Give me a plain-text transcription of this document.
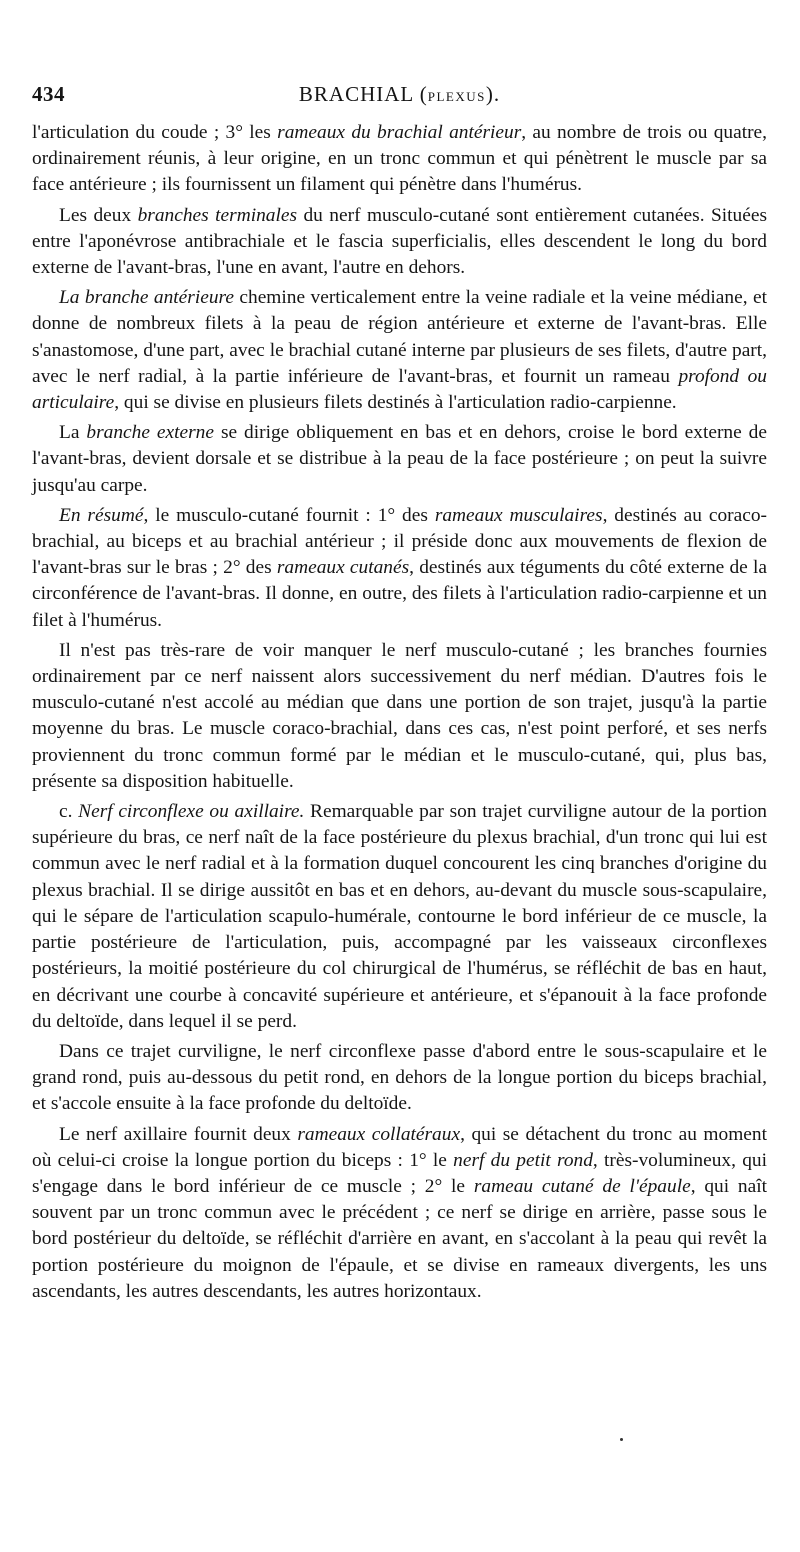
434	BRACHIAL (PLEXUS).

l'articulation du coude ; 3° les rameaux du brachial antérieur, au nombre de trois ou quatre, ordinairement réunis, à leur origine, en un tronc commun et qui pénètrent le muscle par sa face antérieure ; ils fournissent un filament qui pénètre dans l'humérus.

Les deux branches terminales du nerf musculo-cutané sont entièrement cutanées. Situées entre l'aponévrose antibrachiale et le fascia superficialis, elles descendent le long du bord externe de l'avant-bras, l'une en avant, l'autre en dehors.

La branche antérieure chemine verticalement entre la veine radiale et la veine médiane, et donne de nombreux filets à la peau de région antérieure et externe de l'avant-bras. Elle s'anastomose, d'une part, avec le brachial cutané interne par plusieurs de ses filets, d'autre part, avec le nerf radial, à la partie inférieure de l'avant-bras, et fournit un rameau profond ou articulaire, qui se divise en plusieurs filets destinés à l'articulation radio-carpienne.

La branche externe se dirige obliquement en bas et en dehors, croise le bord externe de l'avant-bras, devient dorsale et se distribue à la peau de la face postérieure ; on peut la suivre jusqu'au carpe.

En résumé, le musculo-cutané fournit : 1° des rameaux musculaires, destinés au coraco-brachial, au biceps et au brachial antérieur ; il préside donc aux mouvements de flexion de l'avant-bras sur le bras ; 2° des rameaux cutanés, destinés aux téguments du côté externe de la circonférence de l'avant-bras. Il donne, en outre, des filets à l'articulation radio-carpienne et un filet à l'humérus.

Il n'est pas très-rare de voir manquer le nerf musculo-cutané ; les branches fournies ordinairement par ce nerf naissent alors successivement du nerf médian. D'autres fois le musculo-cutané n'est accolé au médian que dans une portion de son trajet, jusqu'à la partie moyenne du bras. Le muscle coraco-brachial, dans ces cas, n'est point perforé, et ses nerfs proviennent du tronc commun formé par le médian et le musculo-cutané, qui, plus bas, présente sa disposition habituelle.

c. Nerf circonflexe ou axillaire. Remarquable par son trajet curviligne autour de la portion supérieure du bras, ce nerf naît de la face postérieure du plexus brachial, d'un tronc qui lui est commun avec le nerf radial et à la formation duquel concourent les cinq branches d'origine du plexus brachial. Il se dirige aussitôt en bas et en dehors, au-devant du muscle sous-scapulaire, qui le sépare de l'articulation scapulo-humérale, contourne le bord inférieur de ce muscle, la partie postérieure de l'articulation, puis, accompagné par les vaisseaux circonflexes postérieurs, la moitié postérieure du col chirurgical de l'humérus, se réfléchit de bas en haut, en décrivant une courbe à concavité supérieure et antérieure, et s'épanouit à la face profonde du deltoïde, dans lequel il se perd.

Dans ce trajet curviligne, le nerf circonflexe passe d'abord entre le sous-scapulaire et le grand rond, puis au-dessous du petit rond, en dehors de la longue portion du biceps brachial, et s'accole ensuite à la face profonde du deltoïde.

Le nerf axillaire fournit deux rameaux collatéraux, qui se détachent du tronc au moment où celui-ci croise la longue portion du biceps : 1° le nerf du petit rond, très-volumineux, qui s'engage dans le bord inférieur de ce muscle ; 2° le rameau cutané de l'épaule, qui naît souvent par un tronc commun avec le précédent ; ce nerf se dirige en arrière, passe sous le bord postérieur du deltoïde, se réfléchit d'arrière en avant, en s'accolant à la peau qui revêt la portion postérieure du moignon de l'épaule, et se divise en rameaux divergents, les uns ascendants, les autres descendants, les autres horizontaux.
